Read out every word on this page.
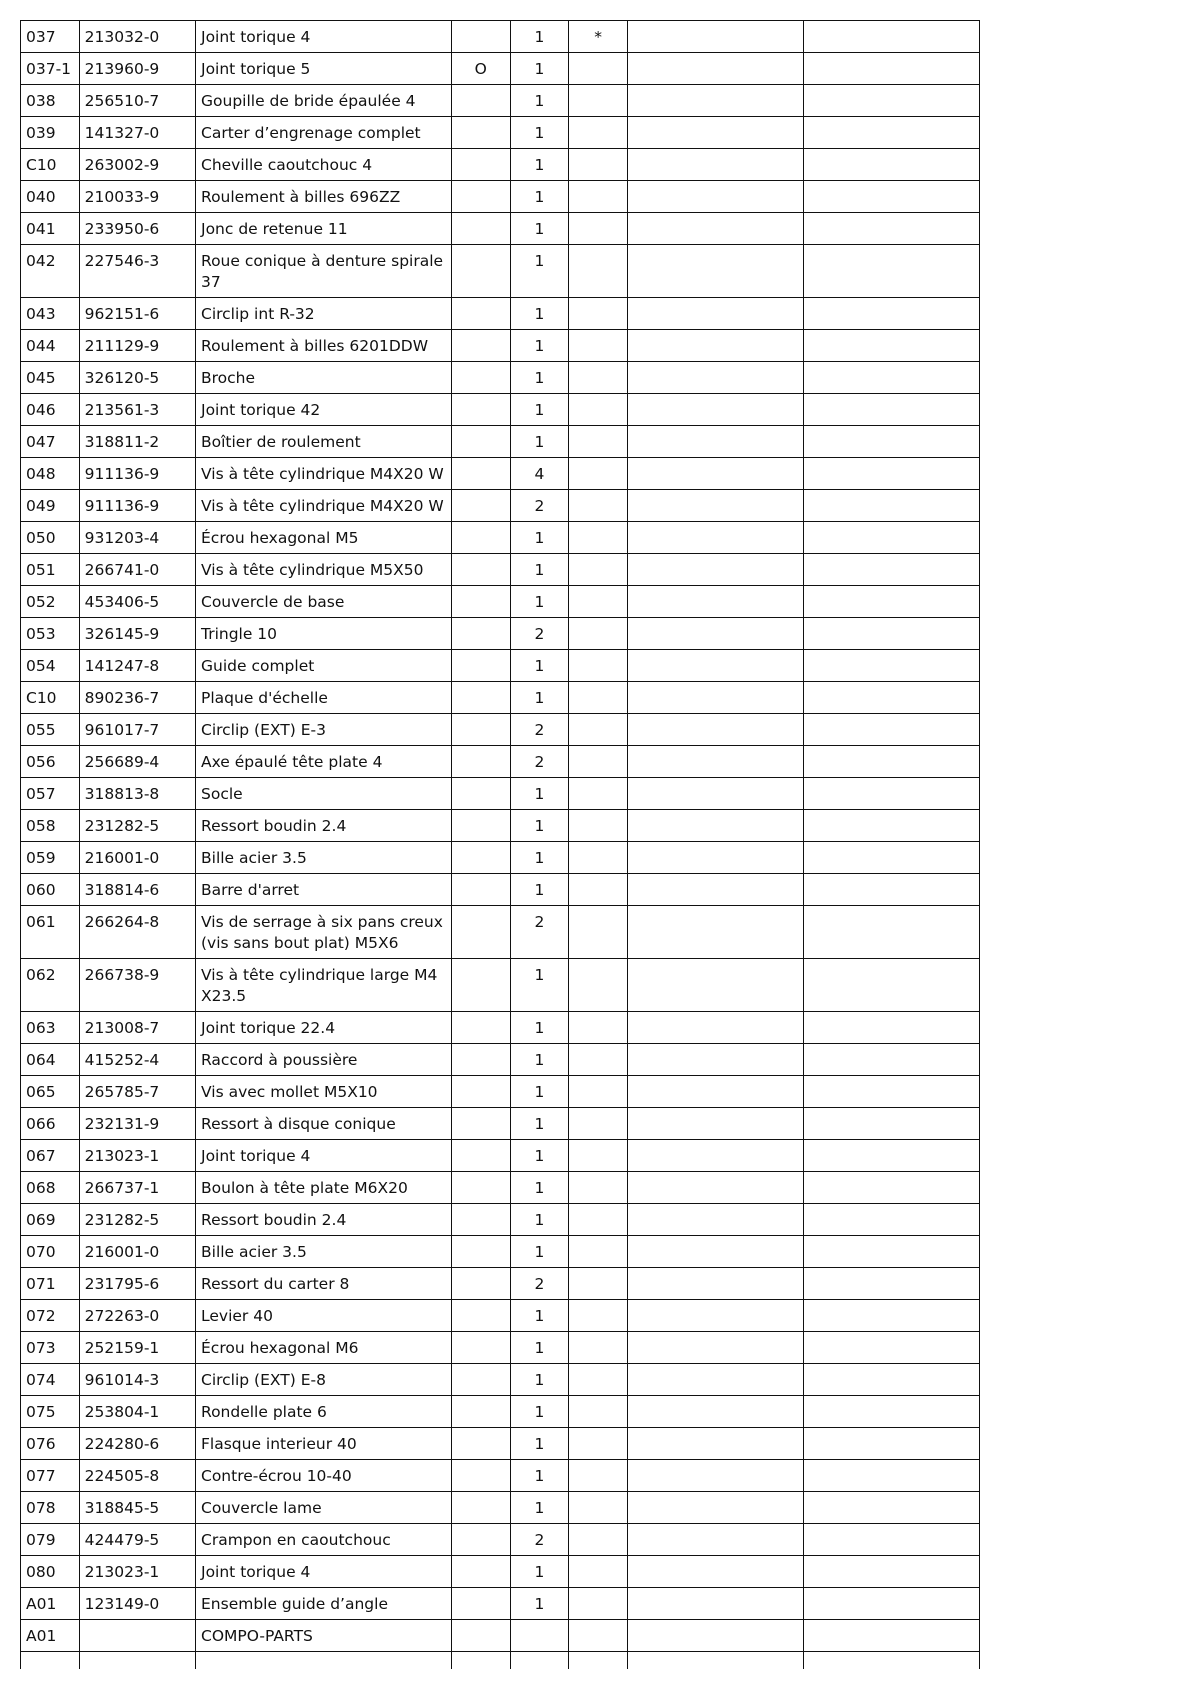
037	213032-0	Joint torique 4		1	*		
037-1	213960-9	Joint torique 5	O	1			
038	256510-7	Goupille de bride épaulée 4		1			
039	141327-0	Carter d’engrenage complet		1			
C10	263002-9	Cheville caoutchouc 4		1			
040	210033-9	Roulement à billes 696ZZ		1			
041	233950-6	Jonc de retenue 11		1			
042	227546-3	Roue conique à denture spirale 37		1			
043	962151-6	Circlip int R-32		1			
044	211129-9	Roulement à billes 6201DDW		1			
045	326120-5	Broche		1			
046	213561-3	Joint torique 42		1			
047	318811-2	Boîtier de roulement		1			
048	911136-9	Vis à tête cylindrique M4X20 W		4			
049	911136-9	Vis à tête cylindrique M4X20 W		2			
050	931203-4	Écrou hexagonal M5		1			
051	266741-0	Vis à tête cylindrique M5X50		1			
052	453406-5	Couvercle de base		1			
053	326145-9	Tringle 10		2			
054	141247-8	Guide complet		1			
C10	890236-7	Plaque d'échelle		1			
055	961017-7	Circlip (EXT) E-3		2			
056	256689-4	Axe épaulé tête plate 4		2			
057	318813-8	Socle		1			
058	231282-5	Ressort boudin 2.4		1			
059	216001-0	Bille acier 3.5		1			
060	318814-6	Barre d'arret		1			
061	266264-8	Vis de serrage à six pans creux (vis sans bout plat) M5X6		2			
062	266738-9	Vis à tête cylindrique large M4X23.5		1			
063	213008-7	Joint torique 22.4		1			
064	415252-4	Raccord à poussière		1			
065	265785-7	Vis avec mollet M5X10		1			
066	232131-9	Ressort à disque conique		1			
067	213023-1	Joint torique 4		1			
068	266737-1	Boulon à tête plate M6X20		1			
069	231282-5	Ressort boudin 2.4		1			
070	216001-0	Bille acier 3.5		1			
071	231795-6	Ressort du carter 8		2			
072	272263-0	Levier 40		1			
073	252159-1	Écrou hexagonal M6		1			
074	961014-3	Circlip (EXT) E-8		1			
075	253804-1	Rondelle plate 6		1			
076	224280-6	Flasque interieur 40		1			
077	224505-8	Contre-écrou 10-40		1			
078	318845-5	Couvercle lame		1			
079	424479-5	Crampon en caoutchouc		2			
080	213023-1	Joint torique 4		1			
A01	123149-0	Ensemble guide d’angle		1			
A01		COMPO-PARTS					
